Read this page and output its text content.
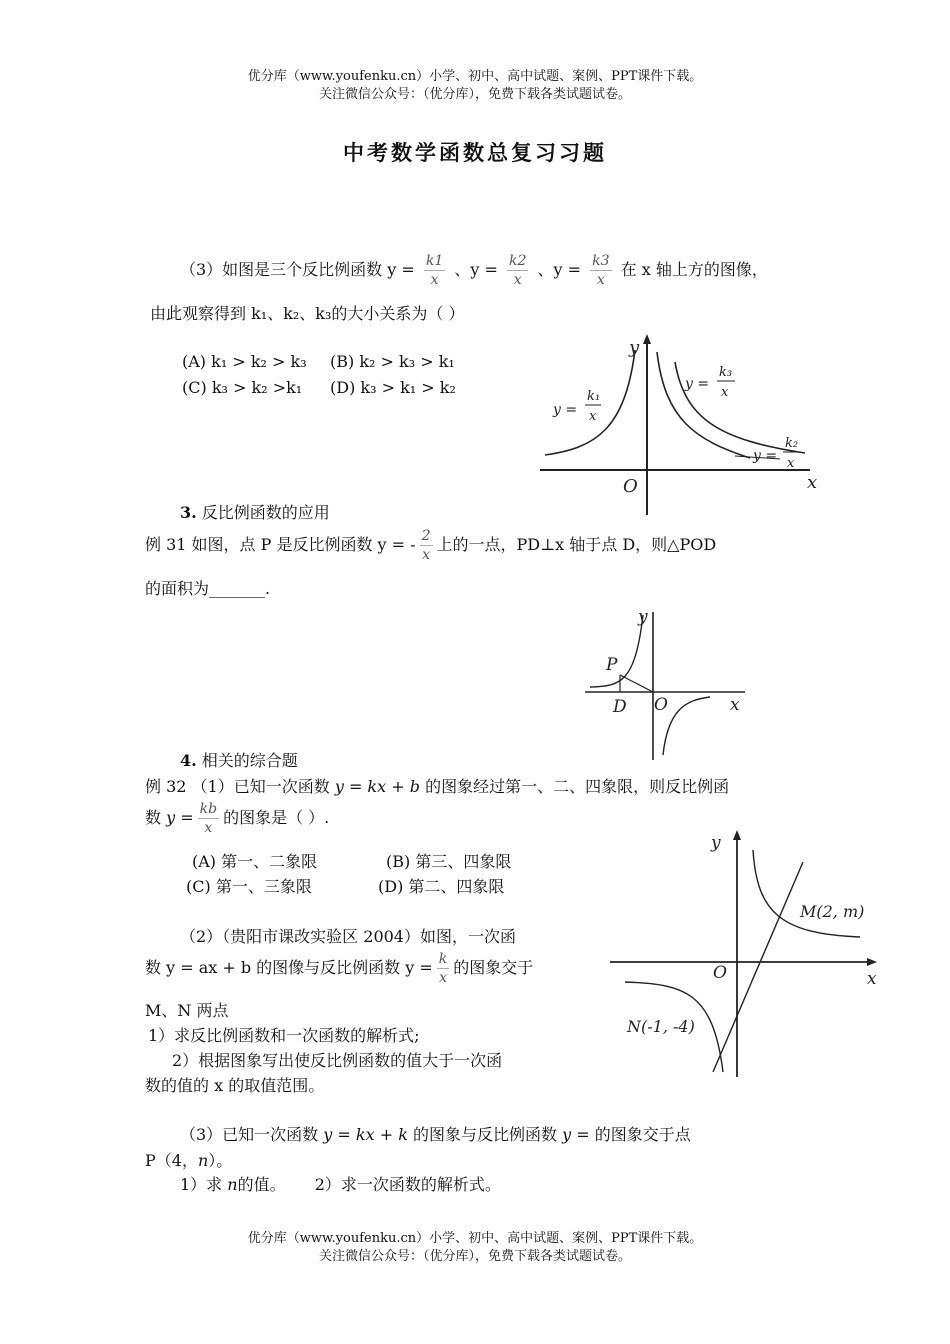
优分库（www.youfenku.cn）小学、初中、高中试题、案例、PPT课件下载。
关注微信公众号：（优分库），免费下载各类试题试卷。
中考数学函数总复习习题
（3）如图是三个反比例函数 $y = \frac{k1}{x}$ 、$y = \frac{k2}{x}$ 、$y = \frac{k3}{x}$ 在 x 轴上方的图像，
由此观察得到 k₁、k₂、k₃的大小关系为（ ）
(A) k₁ > k₂ > k₃ (B) k₂ > k₃ > k₁
(C) k₃ > k₂ >k₁ (D) k₃ > k₁ > k₂
y
x
O
y =
k₁
x
y =
k₃
x
y =
k₂
x
3. 反比例函数的应用
例 31 如图，点 P 是反比例函数 y = - $\frac{2}{x}$ 上的一点，PD⊥x 轴于点 D，则△POD
的面积为_______.
y
x
O
P
D
4. 相关的综合题
例 32 （1）已知一次函数 y = kx + b 的图象经过第一、二、四象限，则反比例函
数 $y = \frac{kb}{x}$ 的图象是（ ）.
(A) 第一、二象限	(B) 第三、四象限
(C) 第一、三象限	(D) 第二、四象限
（2）（贵阳市课改实验区 2004）如图，一次函
数 y = ax + b 的图像与反比例函数 $y = \frac{k}{x}$ 的图象交于
M、N 两点
1）求反比例函数和一次函数的解析式;
2）根据图象写出使反比例函数的值大于一次函
数的值的 x 的取值范围。
y
x
O
M(2, m)
N(-1, -4)
（3）已知一次函数 y = kx + k 的图象与反比例函数 y = 的图象交于点
P（4，n）。
1）求 n的值。 2）求一次函数的解析式。
优分库（www.youfenku.cn）小学、初中、高中试题、案例、PPT课件下载。
关注微信公众号：（优分库），免费下载各类试题试卷。
